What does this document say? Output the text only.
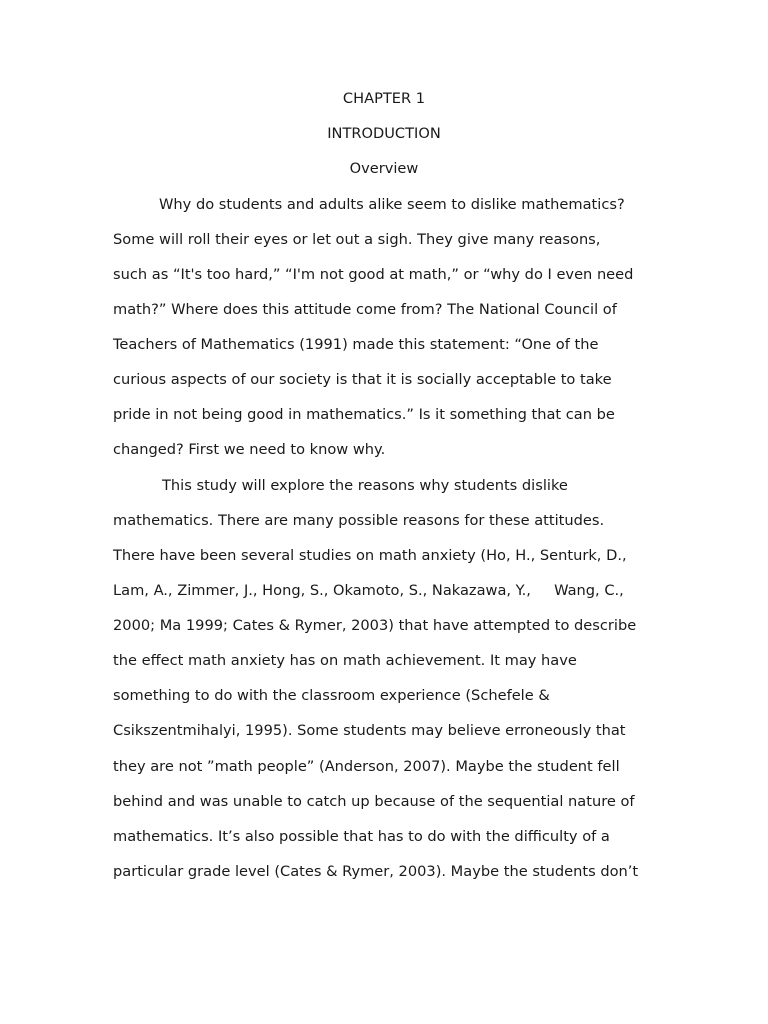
CHAPTER 1
INTRODUCTION
Overview
Why do students and adults alike seem to dislike mathematics?
Some will roll their eyes or let out a sigh. They give many reasons,
such as “It's too hard,” “I'm not good at math,” or “why do I even need
math?” Where does this attitude come from? The National Council of
Teachers of Mathematics (1991) made this statement: “One of the
curious aspects of our society is that it is socially acceptable to take
pride in not being good in mathematics.” Is it something that can be
changed? First we need to know why.
This study will explore the reasons why students dislike
mathematics. There are many possible reasons for these attitudes.
There have been several studies on math anxiety (Ho, H., Senturk, D.,
Lam, A., Zimmer, J., Hong, S., Okamoto, S., Nakazawa, Y.,     Wang, C.,
2000; Ma 1999; Cates & Rymer, 2003) that have attempted to describe
the effect math anxiety has on math achievement. It may have
something to do with the classroom experience (Schefele &
Csikszentmihalyi, 1995). Some students may believe erroneously that
they are not ”math people” (Anderson, 2007). Maybe the student fell
behind and was unable to catch up because of the sequential nature of
mathematics. It’s also possible that has to do with the difficulty of a
particular grade level (Cates & Rymer, 2003). Maybe the students don’t
